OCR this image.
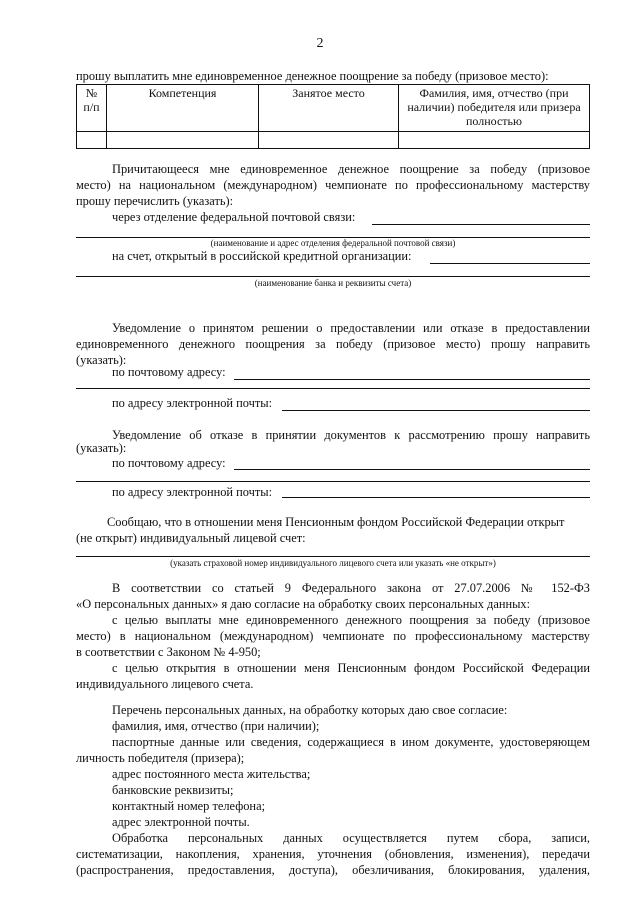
2
прошу выплатить мне единовременное денежное поощрение за победу (призовое место):
№ п/п	Компетенция	Занятое место	Фамилия, имя, отчество (при наличии) победителя или призера полностью

Причитающееся мне единовременное денежное поощрение за победу (призовое
место) на национальном (международном) чемпионате по профессиональному мастерству
прошу перечислить (указать):
через отделение федеральной почтовой связи:
(наименование и адрес отделения федеральной почтовой связи)
на счет, открытый в российской кредитной организации:
(наименование банка и реквизиты счета)
Уведомление о принятом решении о предоставлении или отказе в предоставлении
единовременного денежного поощрения за победу (призовое место) прошу направить
(указать):
по почтовому адресу:
по адресу электронной почты:
Уведомление об отказе в принятии документов к рассмотрению прошу направить
(указать):
по почтовому адресу:
по адресу электронной почты:
Сообщаю, что в отношении меня Пенсионным фондом Российской Федерации открыт
(не открыт) индивидуальный лицевой счет:
(указать страховой номер индивидуального лицевого счета или указать «не открыт»)
В соответствии со статьей 9 Федерального закона от 27.07.2006 № 152-ФЗ
«О персональных данных» я даю согласие на обработку своих персональных данных:
с целью выплаты мне единовременного денежного поощрения за победу (призовое
место) в национальном (международном) чемпионате по профессиональному мастерству
в соответствии с Законом № 4-950;
с целью открытия в отношении меня Пенсионным фондом Российской Федерации
индивидуального лицевого счета.
Перечень персональных данных, на обработку которых даю свое согласие:
фамилия, имя, отчество (при наличии);
паспортные данные или сведения, содержащиеся в ином документе, удостоверяющем
личность победителя (призера);
адрес постоянного места жительства;
банковские реквизиты;
контактный номер телефона;
адрес электронной почты.
Обработка персональных данных осуществляется путем сбора, записи,
систематизации, накопления, хранения, уточнения (обновления, изменения), передачи
(распространения, предоставления, доступа), обезличивания, блокирования, удаления,
